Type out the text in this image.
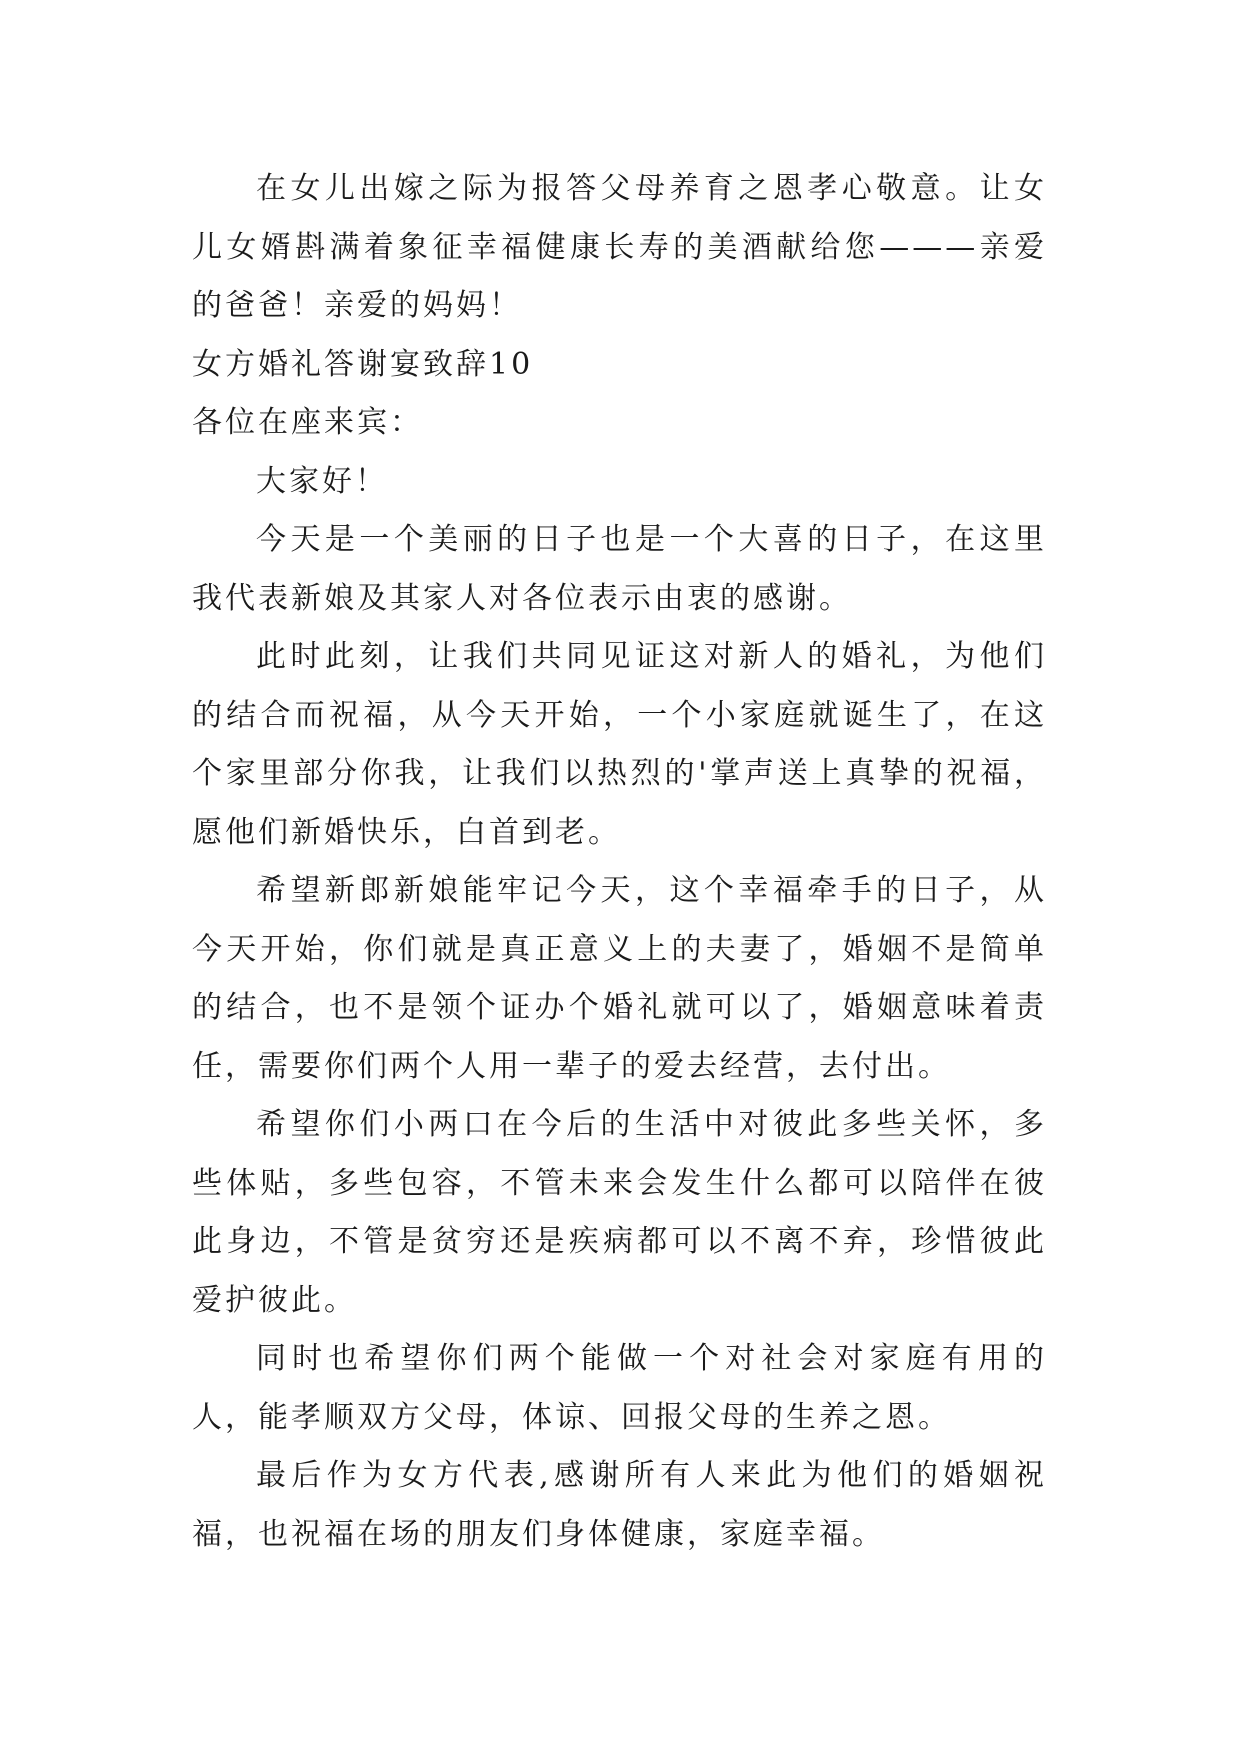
在女儿出嫁之际为报答父母养育之恩孝心敬意。让女儿女婿斟满着象征幸福健康长寿的美酒献给您———亲爱的爸爸！亲爱的妈妈！

女方婚礼答谢宴致辞10

各位在座来宾：

大家好！

今天是一个美丽的日子也是一个大喜的日子，在这里我代表新娘及其家人对各位表示由衷的感谢。

此时此刻，让我们共同见证这对新人的婚礼，为他们的结合而祝福，从今天开始，一个小家庭就诞生了，在这个家里部分你我，让我们以热烈的'掌声送上真挚的祝福，愿他们新婚快乐，白首到老。

希望新郎新娘能牢记今天，这个幸福牵手的日子，从今天开始，你们就是真正意义上的夫妻了，婚姻不是简单的结合，也不是领个证办个婚礼就可以了，婚姻意味着责任，需要你们两个人用一辈子的爱去经营，去付出。

希望你们小两口在今后的生活中对彼此多些关怀，多些体贴，多些包容，不管未来会发生什么都可以陪伴在彼此身边，不管是贫穷还是疾病都可以不离不弃，珍惜彼此爱护彼此。

同时也希望你们两个能做一个对社会对家庭有用的人，能孝顺双方父母，体谅、回报父母的生养之恩。

最后作为女方代表,感谢所有人来此为他们的婚姻祝福，也祝福在场的朋友们身体健康，家庭幸福。
